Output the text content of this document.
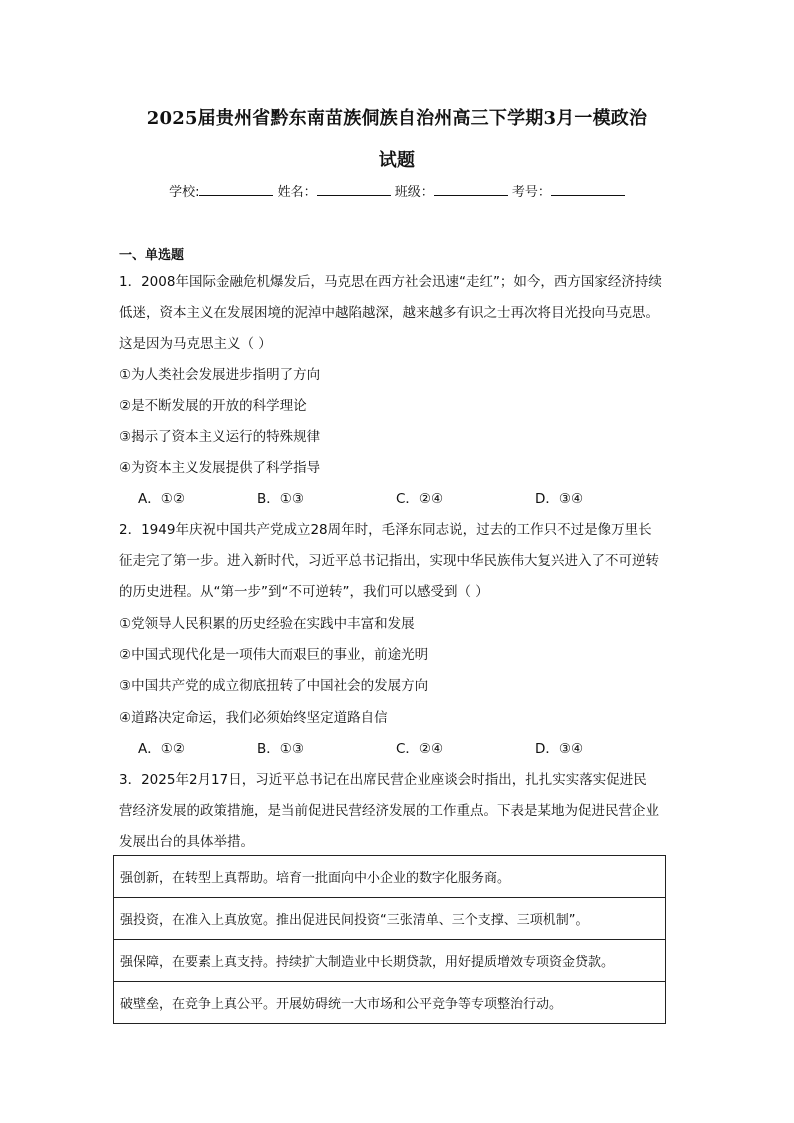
2025届贵州省黔东南苗族侗族自治州高三下学期3月一模政治
试题
学校:	姓名：	班级：	考号：
一、单选题
1．2008年国际金融危机爆发后，马克思在西方社会迅速“走红”；如今，西方国家经济持续
低迷，资本主义在发展困境的泥淖中越陷越深，越来越多有识之士再次将目光投向马克思。
这是因为马克思主义（ ）
①为人类社会发展进步指明了方向
②是不断发展的开放的科学理论
③揭示了资本主义运行的特殊规律
④为资本主义发展提供了科学指导
A．①②	B．①③	C．②④	D．③④
2．1949年庆祝中国共产党成立28周年时，毛泽东同志说，过去的工作只不过是像万里长
征走完了第一步。进入新时代，习近平总书记指出，实现中华民族伟大复兴进入了不可逆转
的历史进程。从“第一步”到“不可逆转”，我们可以感受到（ ）
①党领导人民积累的历史经验在实践中丰富和发展
②中国式现代化是一项伟大而艰巨的事业，前途光明
③中国共产党的成立彻底扭转了中国社会的发展方向
④道路决定命运，我们必须始终坚定道路自信
A．①②	B．①③	C．②④	D．③④
3．2025年2月17日，习近平总书记在出席民营企业座谈会时指出，扎扎实实落实促进民
营经济发展的政策措施，是当前促进民营经济发展的工作重点。下表是某地为促进民营企业
发展出台的具体举措。
强创新，在转型上真帮助。培育一批面向中小企业的数字化服务商。
强投资，在准入上真放宽。推出促进民间投资“三张清单、三个支撑、三项机制”。
强保障，在要素上真支持。持续扩大制造业中长期贷款，用好提质增效专项资金贷款。
破壁垒，在竞争上真公平。开展妨碍统一大市场和公平竞争等专项整治行动。
